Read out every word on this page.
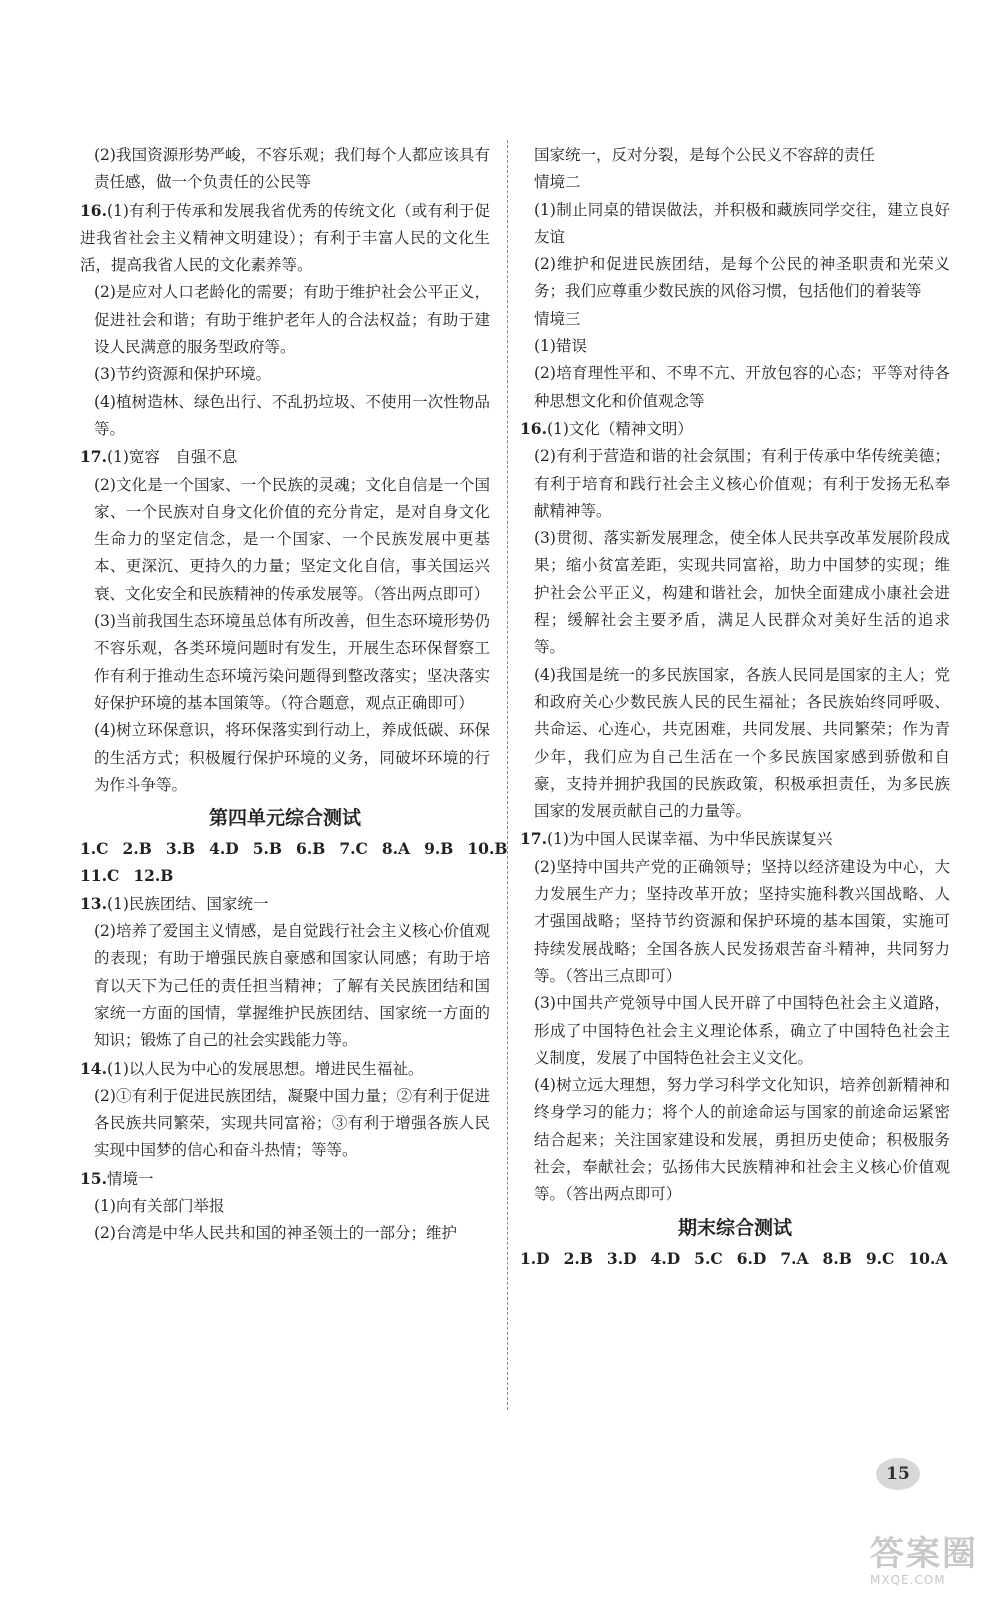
(2)我国资源形势严峻，不容乐观；我们每个人都应该具有责任感，做一个负责任的公民等

16.(1)有利于传承和发展我省优秀的传统文化（或有利于促进我省社会主义精神文明建设）；有利于丰富人民的文化生活，提高我省人民的文化素养等。

(2)是应对人口老龄化的需要；有助于维护社会公平正义，促进社会和谐；有助于维护老年人的合法权益；有助于建设人民满意的服务型政府等。

(3)节约资源和保护环境。

(4)植树造林、绿色出行、不乱扔垃圾、不使用一次性物品等。

17.(1)宽容　自强不息

(2)文化是一个国家、一个民族的灵魂；文化自信是一个国家、一个民族对自身文化价值的充分肯定，是对自身文化生命力的坚定信念，是一个国家、一个民族发展中更基本、更深沉、更持久的力量；坚定文化自信，事关国运兴衰、文化安全和民族精神的传承发展等。（答出两点即可）

(3)当前我国生态环境虽总体有所改善，但生态环境形势仍不容乐观，各类环境问题时有发生，开展生态环保督察工作有利于推动生态环境污染问题得到整改落实；坚决落实好保护环境的基本国策等。（符合题意，观点正确即可）

(4)树立环保意识，将环保落实到行动上，养成低碳、环保的生活方式；积极履行保护环境的义务，同破坏环境的行为作斗争等。

第四单元综合测试
1.C 2.B 3.B 4.D 5.B 6.B 7.C 8.A 9.B 10.B
11.C 12.B

13.(1)民族团结、国家统一

(2)培养了爱国主义情感，是自觉践行社会主义核心价值观的表现；有助于增强民族自豪感和国家认同感；有助于培育以天下为己任的责任担当精神；了解有关民族团结和国家统一方面的国情，掌握维护民族团结、国家统一方面的知识；锻炼了自己的社会实践能力等。

14.(1)以人民为中心的发展思想。增进民生福祉。

(2)①有利于促进民族团结，凝聚中国力量；②有利于促进各民族共同繁荣，实现共同富裕；③有利于增强各族人民实现中国梦的信心和奋斗热情；等等。

15.情境一

(1)向有关部门举报

(2)台湾是中华人民共和国的神圣领土的一部分；维护

国家统一，反对分裂，是每个公民义不容辞的责任

情境二

(1)制止同桌的错误做法，并积极和藏族同学交往，建立良好友谊

(2)维护和促进民族团结，是每个公民的神圣职责和光荣义务；我们应尊重少数民族的风俗习惯，包括他们的着装等

情境三

(1)错误

(2)培育理性平和、不卑不亢、开放包容的心态；平等对待各种思想文化和价值观念等

16.(1)文化（精神文明）

(2)有利于营造和谐的社会氛围；有利于传承中华传统美德；有利于培育和践行社会主义核心价值观；有利于发扬无私奉献精神等。

(3)贯彻、落实新发展理念，使全体人民共享改革发展阶段成果；缩小贫富差距，实现共同富裕，助力中国梦的实现；维护社会公平正义，构建和谐社会，加快全面建成小康社会进程；缓解社会主要矛盾，满足人民群众对美好生活的追求等。

(4)我国是统一的多民族国家，各族人民同是国家的主人；党和政府关心少数民族人民的民生福祉；各民族始终同呼吸、共命运、心连心，共克困难，共同发展、共同繁荣；作为青少年，我们应为自己生活在一个多民族国家感到骄傲和自豪，支持并拥护我国的民族政策，积极承担责任，为多民族国家的发展贡献自己的力量等。

17.(1)为中国人民谋幸福、为中华民族谋复兴

(2)坚持中国共产党的正确领导；坚持以经济建设为中心，大力发展生产力；坚持改革开放；坚持实施科教兴国战略、人才强国战略；坚持节约资源和保护环境的基本国策，实施可持续发展战略；全国各族人民发扬艰苦奋斗精神，共同努力等。（答出三点即可）

(3)中国共产党领导中国人民开辟了中国特色社会主义道路，形成了中国特色社会主义理论体系，确立了中国特色社会主义制度，发展了中国特色社会主义文化。

(4)树立远大理想，努力学习科学文化知识，培养创新精神和终身学习的能力；将个人的前途命运与国家的前途命运紧密结合起来；关注国家建设和发展，勇担历史使命；积极服务社会，奉献社会；弘扬伟大民族精神和社会主义核心价值观等。（答出两点即可）

期末综合测试
1.D 2.B 3.D 4.D 5.C 6.D 7.A 8.B 9.C 10.A
15
答案圈
MXQE.COM
